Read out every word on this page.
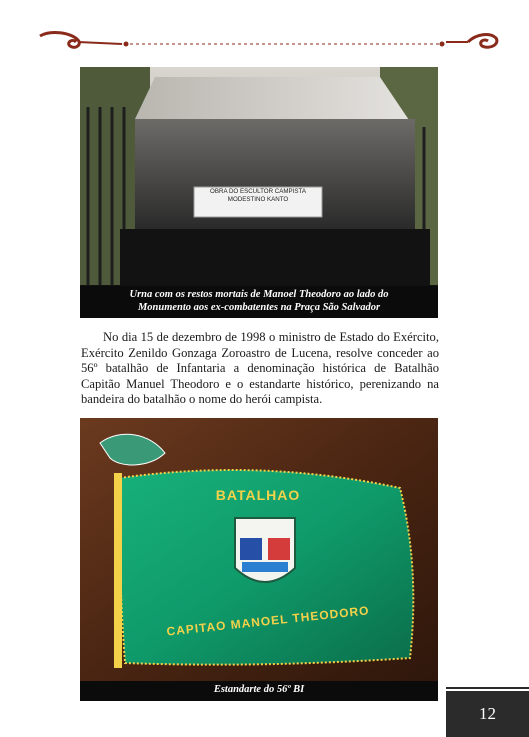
OBRA DO ESCULTOR CAMPISTA
MODESTINO KANTO
Urna com os restos mortais de Manoel Theodoro ao lado do
Monumento aos ex-combatentes na Praça São Salvador
No dia 15 de dezembro de 1998 o ministro de Estado do Exército, Exército Zenildo Gonzaga Zoroastro de Lucena, resolve conceder ao 56º batalhão de Infantaria a denominação histórica de Batalhão Capitão Manuel Theodoro e o estandarte histórico, perenizando na bandeira do batalhão o nome do herói campista.
BATALHAO
CAPITAO MANOEL THEODORO
Estandarte do 56º BI
12
